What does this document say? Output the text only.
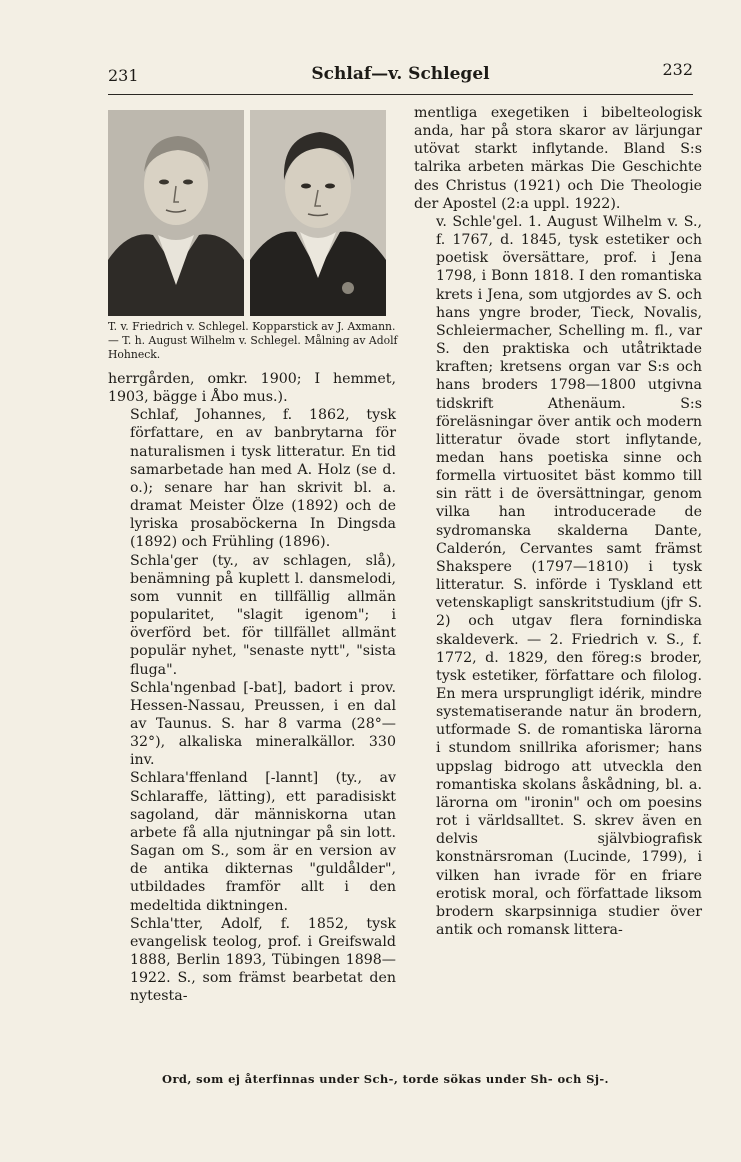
231	Schlaf—v. Schlegel	232
T. v. Friedrich v. Schlegel. Kopparstick av J. Axmann. — T. h. August Wilhelm v. Schlegel. Målning av Adolf Hohneck.

herrgården, omkr. 1900; I hemmet, 1903, bägge i Åbo mus.).

Schlaf, Johannes, f. 1862, tysk författare, en av banbrytarna för naturalismen i tysk litteratur. En tid samarbetade han med A. Holz (se d. o.); senare har han skrivit bl. a. dramat Meister Ölze (1892) och de lyriska prosaböckerna In Dingsda (1892) och Frühling (1896).

Schla'ger (ty., av schlagen, slå), benämning på kuplett l. dansmelodi, som vunnit en tillfällig allmän popularitet, "slagit igenom"; i överförd bet. för tillfället allmänt populär nyhet, "senaste nytt", "sista fluga".

Schla'ngenbad [-bat], badort i prov. Hessen-Nassau, Preussen, i en dal av Taunus. S. har 8 varma (28°—32°), alkaliska mineralkällor. 330 inv.

Schlara'ffenland [-lannt] (ty., av Schlaraffe, lätting), ett paradisiskt sagoland, där människorna utan arbete få alla njutningar på sin lott. Sagan om S., som är en version av de antika dikternas "guldålder", utbildades framför allt i den medeltida diktningen.

Schla'tter, Adolf, f. 1852, tysk evangelisk teolog, prof. i Greifswald 1888, Berlin 1893, Tübingen 1898—1922. S., som främst bearbetat den nytesta-

mentliga exegetiken i bibelteologisk anda, har på stora skaror av lärjungar utövat starkt inflytande. Bland S:s talrika arbeten märkas Die Geschichte des Christus (1921) och Die Theologie der Apostel (2:a uppl. 1922).

v. Schle'gel. 1. August Wilhelm v. S., f. 1767, d. 1845, tysk estetiker och poetisk översättare, prof. i Jena 1798, i Bonn 1818. I den romantiska krets i Jena, som utgjordes av S. och hans yngre broder, Tieck, Novalis, Schleiermacher, Schelling m. fl., var S. den praktiska och utåtriktade kraften; kretsens organ var S:s och hans broders 1798—1800 utgivna tidskrift Athenäum. S:s föreläsningar över antik och modern litteratur övade stort inflytande, medan hans poetiska sinne och formella virtuositet bäst kommo till sin rätt i de översättningar, genom vilka han introducerade de sydromanska skalderna Dante, Calderón, Cervantes samt främst Shakspere (1797—1810) i tysk litteratur. S. införde i Tyskland ett vetenskapligt sanskritstudium (jfr S. 2) och utgav flera fornindiska skaldeverk. — 2. Friedrich v. S., f. 1772, d. 1829, den föreg:s broder, tysk estetiker, författare och filolog. En mera ursprungligt idérik, mindre systematiserande natur än brodern, utformade S. de romantiska lärorna i stundom snillrika aforismer; hans uppslag bidrogo att utveckla den romantiska skolans åskådning, bl. a. lärorna om "ironin" och om poesins rot i världsalltet. S. skrev även en delvis självbiografisk konstnärsroman (Lucinde, 1799), i vilken han ivrade för en friare erotisk moral, och författade liksom brodern skarpsinniga studier över antik och romansk littera-

Ord, som ej återfinnas under Sch-, torde sökas under Sh- och Sj-.
